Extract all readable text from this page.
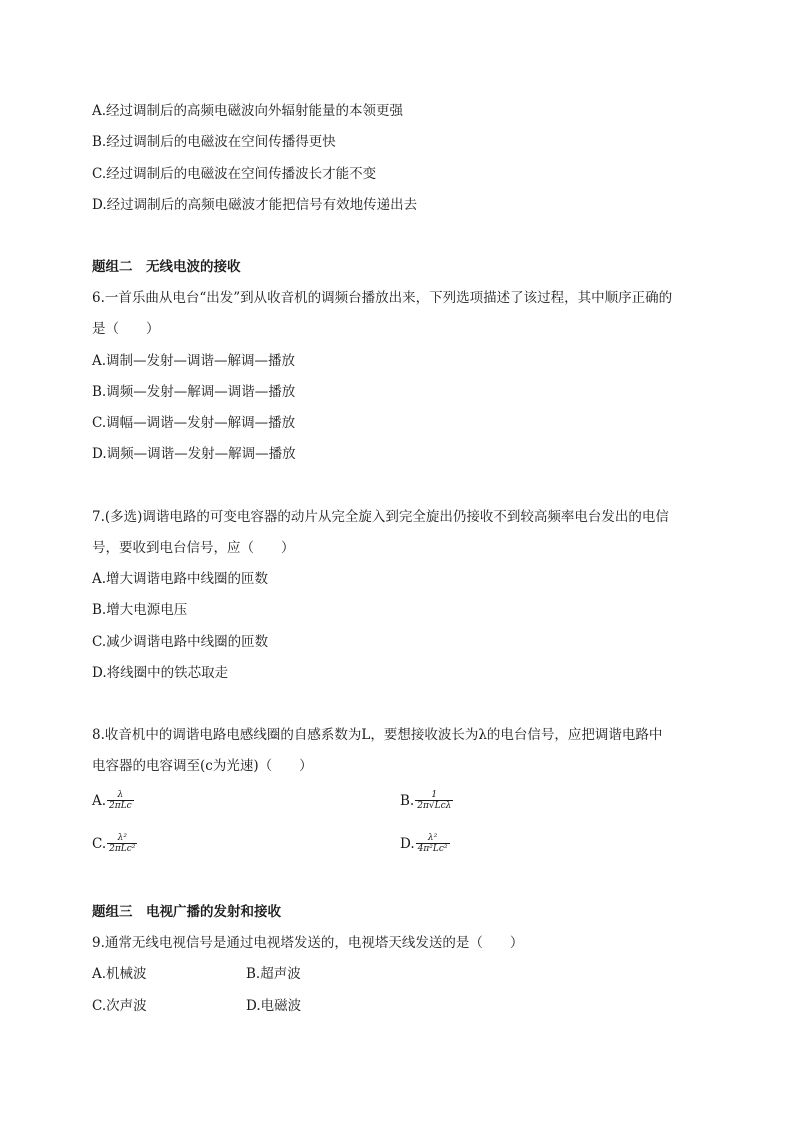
A.经过调制后的高频电磁波向外辐射能量的本领更强
B.经过调制后的电磁波在空间传播得更快
C.经过调制后的电磁波在空间传播波长才能不变
D.经过调制后的高频电磁波才能把信号有效地传递出去
题组二　无线电波的接收
6.一首乐曲从电台“出发”到从收音机的调频台播放出来，下列选项描述了该过程，其中顺序正确的
是（　　）
A.调制—发射—调谐—解调—播放
B.调频—发射—解调—调谐—播放
C.调幅—调谐—发射—解调—播放
D.调频—调谐—发射—解调—播放
7.(多选)调谐电路的可变电容器的动片从完全旋入到完全旋出仍接收不到较高频率电台发出的电信
号，要收到电台信号，应（　　）
A.增大调谐电路中线圈的匝数
B.增大电源电压
C.减少调谐电路中线圈的匝数
D.将线圈中的铁芯取走
8.收音机中的调谐电路电感线圈的自感系数为L，要想接收波长为λ的电台信号，应把调谐电路中
电容器的电容调至(c为光速)（　　）
A. $\frac{\lambda}{\text{2πLc}}$	B. $\frac{1}{\text{2π√Lcλ}}$
C. $\frac{\text{λ²}}{\text{2πLc²}}$	D. $\frac{\text{λ²}}{\text{4π²Lc²}}$
题组三　电视广播的发射和接收
9.通常无线电视信号是通过电视塔发送的，电视塔天线发送的是（　　）
A.机械波	B.超声波
C.次声波	D.电磁波
